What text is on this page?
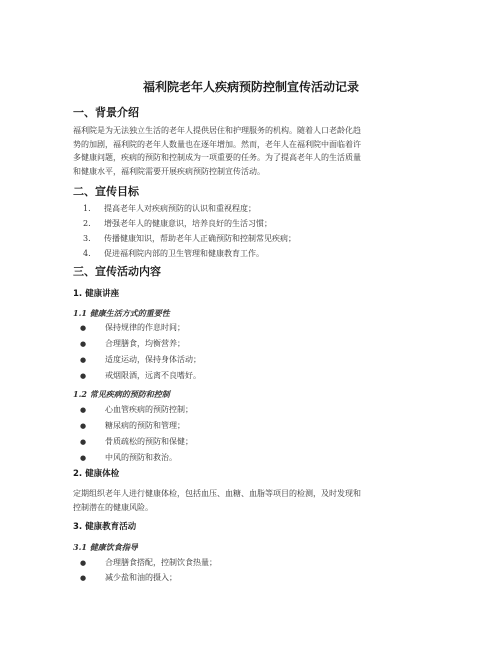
福利院老年人疾病预防控制宣传活动记录
一、背景介绍
福利院是为无法独立生活的老年人提供居住和护理服务的机构。随着人口老龄化趋
势的加剧，福利院的老年人数量也在逐年增加。然而，老年人在福利院中面临着许
多健康问题，疾病的预防和控制成为一项重要的任务。为了提高老年人的生活质量
和健康水平，福利院需要开展疾病预防控制宣传活动。
二、宣传目标
1. 提高老年人对疾病预防的认识和重视程度；
2. 增强老年人的健康意识，培养良好的生活习惯；
3. 传播健康知识，帮助老年人正确预防和控制常见疾病；
4. 促进福利院内部的卫生管理和健康教育工作。
三、宣传活动内容
1. 健康讲座
1.1 健康生活方式的重要性
● 保持规律的作息时间；
● 合理膳食，均衡营养；
● 适度运动，保持身体活动；
● 戒烟限酒，远离不良嗜好。
1.2 常见疾病的预防和控制
● 心血管疾病的预防控制；
● 糖尿病的预防和管理；
● 骨质疏松的预防和保健；
● 中风的预防和救治。
2. 健康体检
定期组织老年人进行健康体检，包括血压、血糖、血脂等项目的检测，及时发现和
控制潜在的健康风险。
3. 健康教育活动
3.1 健康饮食指导
● 合理膳食搭配，控制饮食热量；
● 减少盐和油的摄入；
